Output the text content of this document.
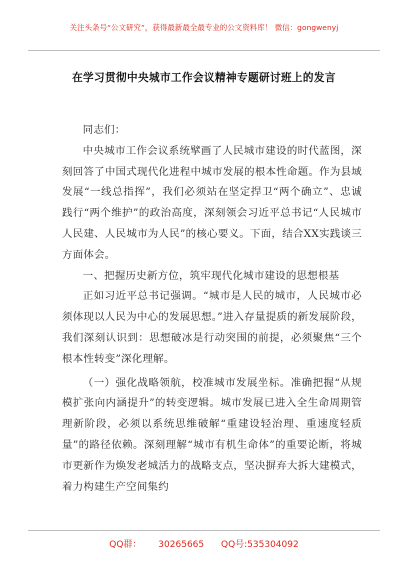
关注头条号“公文研究”，获得最新最全最专业的公文资料库！ 微信：gongwenyj
在学习贯彻中央城市工作会议精神专题研讨班上的发言

同志们：

中央城市工作会议系统擘画了人民城市建设的时代蓝图，深刻回答了中国式现代化进程中城市发展的根本性命题。作为县域发展“一线总指挥”，我们必须站在坚定捍卫“两个确立”、忠诚践行“两个维护”的政治高度，深刻领会习近平总书记“人民城市人民建、人民城市为人民”的核心要义。下面，结合XX实践谈三方面体会。

一、把握历史新方位，筑牢现代化城市建设的思想根基

正如习近平总书记强调。“城市是人民的城市，人民城市必须体现以人民为中心的发展思想。”进入存量提质的新发展阶段，我们深刻认识到：思想破冰是行动突围的前提，必须聚焦“三个根本性转变”深化理解。

（一）强化战略领航，校准城市发展坐标。准确把握“从规模扩张向内涵提升”的转变逻辑。城市发展已进入全生命周期管理新阶段，必须以系统思维破解“重建设轻治理、重速度轻质量”的路径依赖。深刻理解“城市有机生命体”的重要论断，将城市更新作为焕发老城活力的战略支点，坚决摒弃大拆大建模式，着力构建生产空间集约

QQ群： 30265665 QQ号:535304092
